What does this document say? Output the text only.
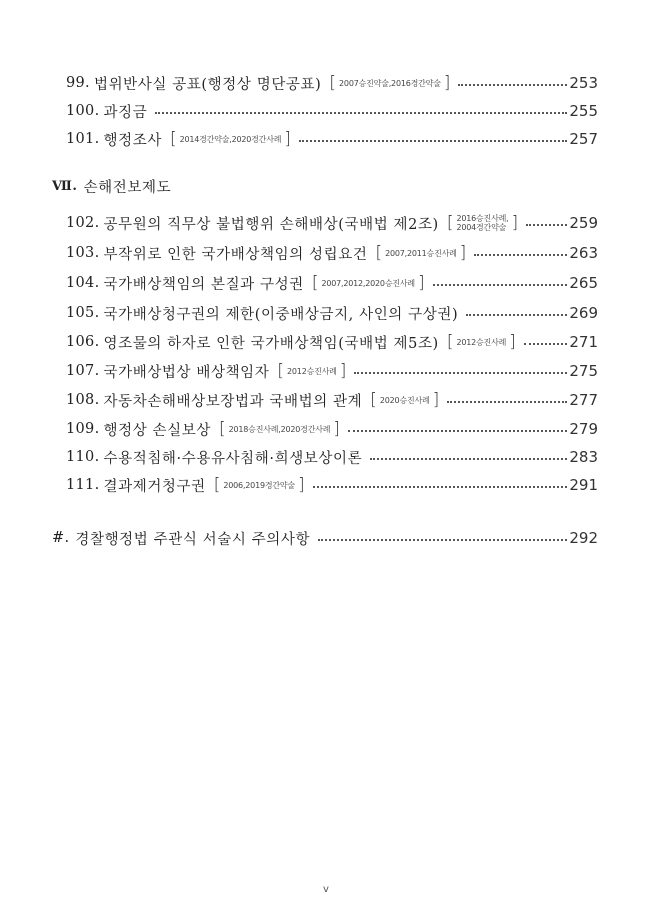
99. 법위반사실 공표(행정상 명단공표) [ 2007승진약술,2016경간약술 ]	253
100. 과징금	255
101. 행정조사 [ 2014경간약술,2020경간사례 ]	257
Ⅶ. 손해전보제도
102. 공무원의 직무상 불법행위 손해배상(국배법 제2조) [ 2016승진사례,
2004경간약술 ]	259
103. 부작위로 인한 국가배상책임의 성립요건 [ 2007,2011승진사례 ]	263
104. 국가배상책임의 본질과 구성권 [ 2007,2012,2020승진사례 ]	265
105. 국가배상청구권의 제한(이중배상금지, 사인의 구상권)	269
106. 영조물의 하자로 인한 국가배상책임(국배법 제5조) [ 2012승진사례 ]	271
107. 국가배상법상 배상책임자 [ 2012승진사례 ]	275
108. 자동차손해배상보장법과 국배법의 관계 [ 2020승진사례 ]	277
109. 행정상 손실보상 [ 2018승진사례,2020경간사례 ]	279
110. 수용적침해·수용유사침해·희생보상이론	283
111. 결과제거청구권 [ 2006,2019경간약술 ]	291
#. 경찰행정법 주관식 서술시 주의사항	292
v
